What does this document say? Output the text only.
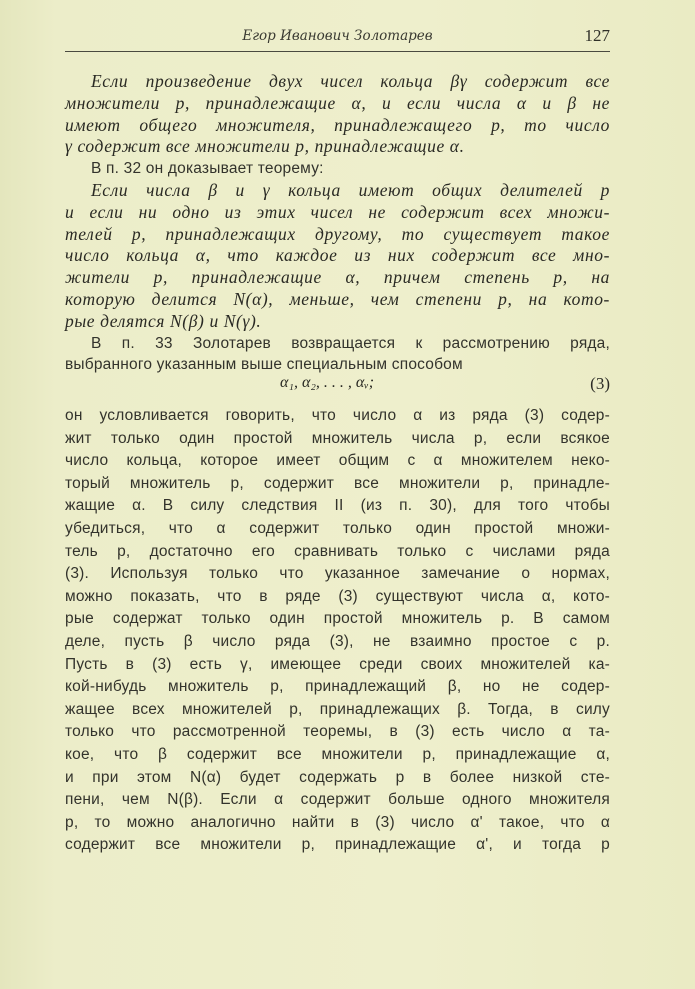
Егор Иванович Золотарев	127
Если произведение двух чисел кольца βγ содержит все
множители p, принадлежащие α, и если числа α и β не
имеют общего множителя, принадлежащего p, то число
γ содержит все множители p, принадлежащие α.
В п. 32 он доказывает теорему:
Если числа β и γ кольца имеют общих делителей p
и если ни одно из этих чисел не содержит всех множи-
телей p, принадлежащих другому, то существует такое
число кольца α, что каждое из них содержит все мно-
жители p, принадлежащие α, причем степень p, на
которую делится N(α), меньше, чем степени p, на кото-
рые делятся N(β) и N(γ).
В п. 33 Золотарев возвращается к рассмотрению ряда,
выбранного указанным выше специальным способом
α₁, α₂, . . . , αᵥ;	(3)
он условливается говорить, что число α из ряда (3) содер-
жит только один простой множитель числа p, если всякое
число кольца, которое имеет общим с α множителем неко-
торый множитель p, содержит все множители p, принадле-
жащие α. В силу следствия II (из п. 30), для того чтобы
убедиться, что α содержит только один простой множи-
тель p, достаточно его сравнивать только с числами ряда
(3). Используя только что указанное замечание о нормах,
можно показать, что в ряде (3) существуют числа α, кото-
рые содержат только один простой множитель p. В самом
деле, пусть β число ряда (3), не взаимно простое с p.
Пусть в (3) есть γ, имеющее среди своих множителей ка-
кой-нибудь множитель p, принадлежащий β, но не содер-
жащее всех множителей p, принадлежащих β. Тогда, в силу
только что рассмотренной теоремы, в (3) есть число α та-
кое, что β содержит все множители p, принадлежащие α,
и при этом N(α) будет содержать p в более низкой сте-
пени, чем N(β). Если α содержит больше одного множителя
p, то можно аналогично найти в (3) число α' такое, что α
содержит все множители p, принадлежащие α', и тогда p
